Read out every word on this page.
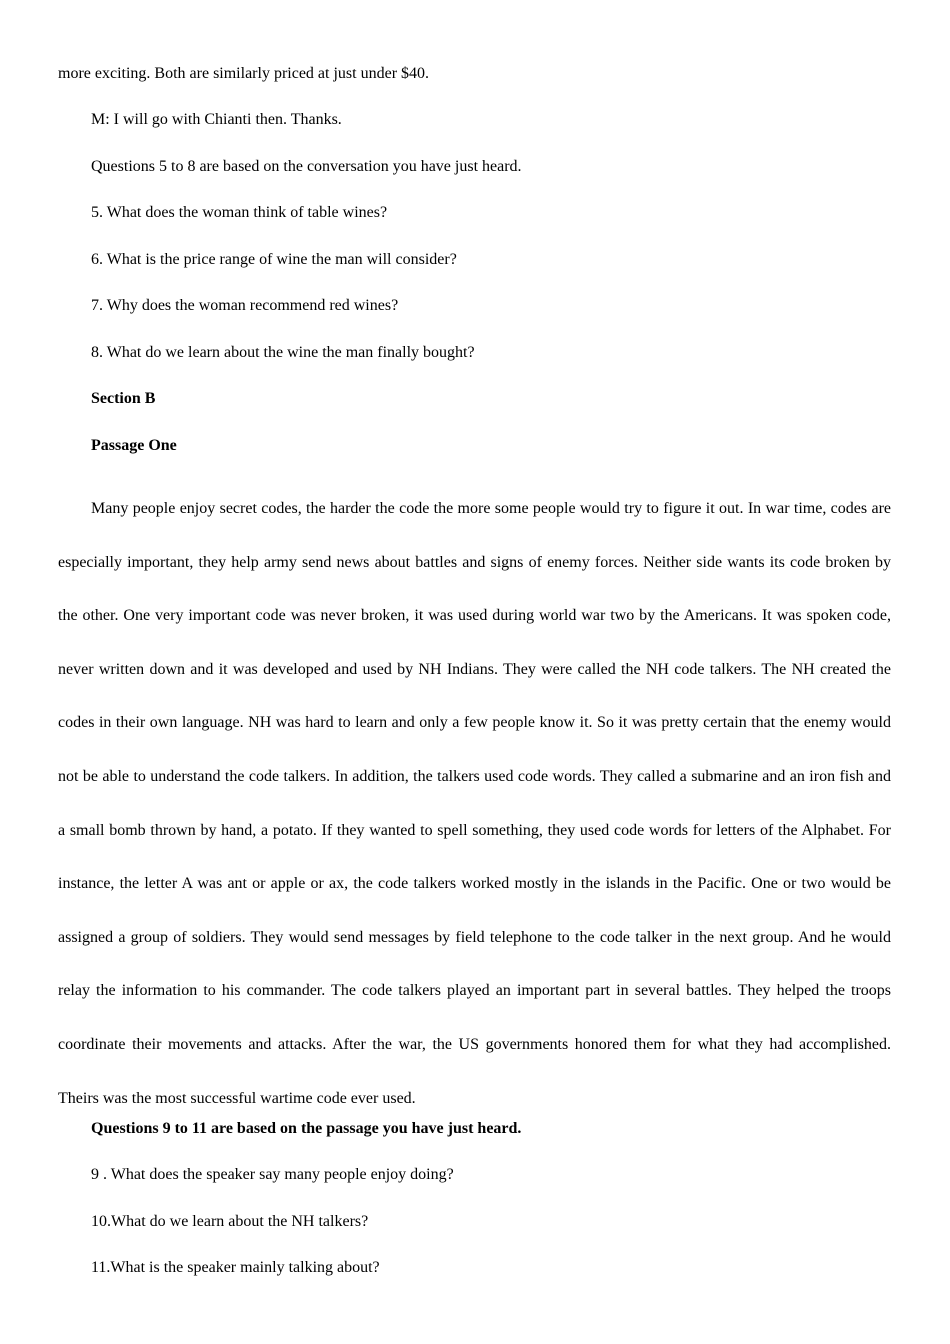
more exciting. Both are similarly priced at just under $40.

M: I will go with Chianti then. Thanks.

Questions 5 to 8 are based on the conversation you have just heard.

5. What does the woman think of table wines?

6. What is the price range of wine the man will consider?

7. Why does the woman recommend red wines?

8. What do we learn about the wine the man finally bought?

Section B

Passage One

Many people enjoy secret codes, the harder the code the more some people would try to figure it out. In war time, codes are especially important, they help army send news about battles and signs of enemy forces. Neither side wants its code broken by the other. One very important code was never broken, it was used during world war two by the Americans. It was spoken code, never written down and it was developed and used by NH Indians. They were called the NH code talkers. The NH created the codes in their own language. NH was hard to learn and only a few people know it. So it was pretty certain that the enemy would not be able to understand the code talkers. In addition, the talkers used code words. They called a submarine and an iron fish and a small bomb thrown by hand, a potato. If they wanted to spell something, they used code words for letters of the Alphabet. For instance, the letter A was ant or apple or ax, the code talkers worked mostly in the islands in the Pacific. One or two would be assigned a group of soldiers. They would send messages by field telephone to the code talker in the next group. And he would relay the information to his commander. The code talkers played an important part in several battles. They helped the troops coordinate their movements and attacks. After the war, the US governments honored them for what they had accomplished. Theirs was the most successful wartime code ever used.

Questions 9 to 11 are based on the passage you have just heard.

9 . What does the speaker say many people enjoy doing?

10.What do we learn about the NH talkers?

11.What is the speaker mainly talking about?
